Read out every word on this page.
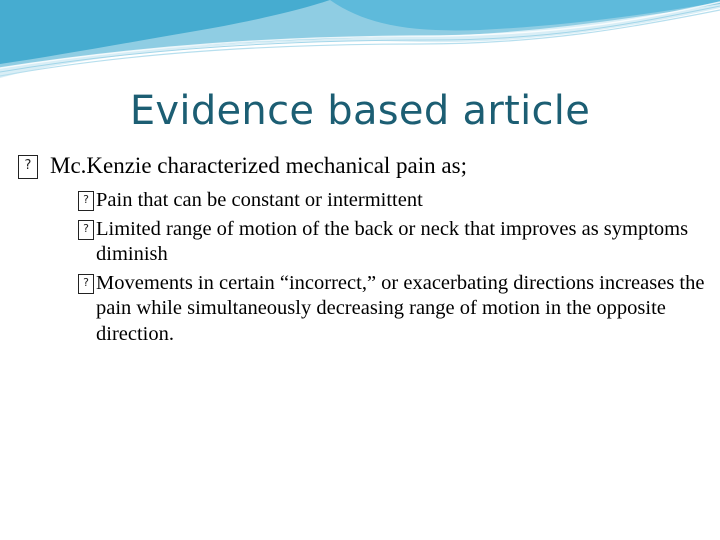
Evidence based article
?
Mc.Kenzie characterized mechanical pain as;
?
Pain that can be constant or intermittent
?
Limited range of motion of the back or neck that improves as symptoms diminish
?
Movements in certain “incorrect,” or exacerbating directions increases the pain while simultaneously decreasing range of motion in the opposite direction.
